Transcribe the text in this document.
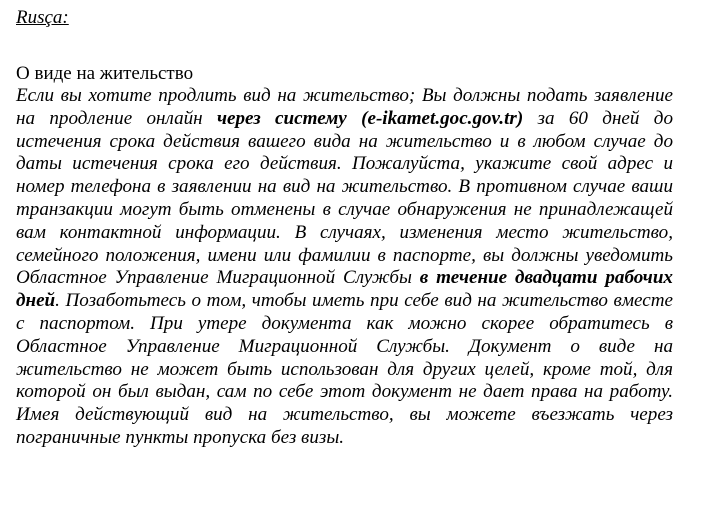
Rusça:

О виде на жительство

Если вы хотите продлить вид на жительство; Вы должны подать заявление на продление онлайн через систему (e-ikamet.goc.gov.tr) за 60 дней до истечения срока действия вашего вида на жительство и в любом случае до даты истечения срока его действия. Пожалуйста, укажите свой адрес и номер телефона в заявлении на вид на жительство. В противном случае ваши транзакции могут быть отменены в случае обнаружения не принадлежащей вам контактной информации. В случаях, изменения место жительство, семейного положения, имени или фамилии в паспорте, вы должны уведомить Областное Управление Миграционной Службы в течение двадцати рабочих дней. Позаботьтесь о том, чтобы иметь при себе вид на жительство вместе с паспортом. При утере документа как можно скорее обратитесь в Областное Управление Миграционной Службы. Документ о виде на жительство не может быть использован для других целей, кроме той, для которой он был выдан, сам по себе этот документ не дает права на работу. Имея действующий вид на жительство, вы можете въезжать через пограничные пункты пропуска без визы.
